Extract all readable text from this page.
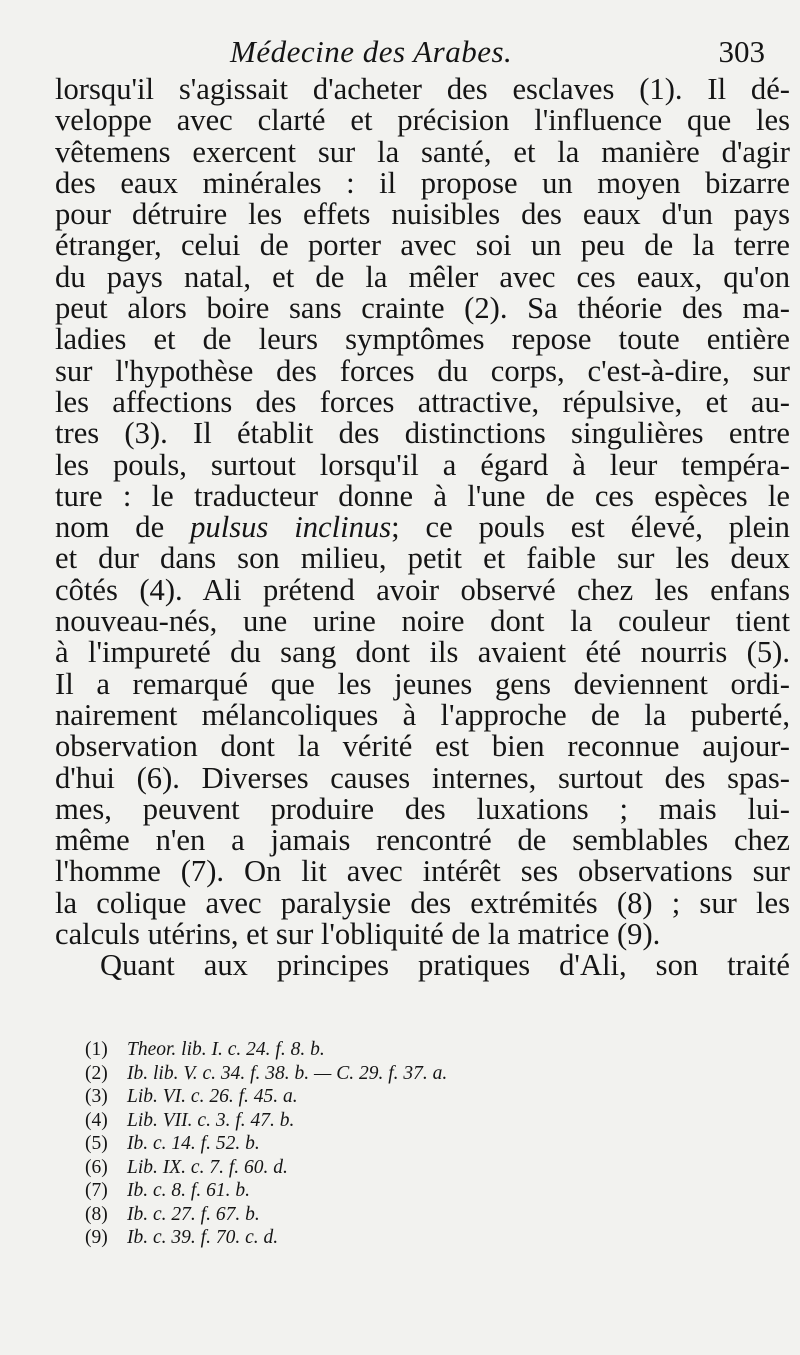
Médecine des Arabes.	303
lorsqu'il s'agissait d'acheter des esclaves (1). Il dé-
veloppe avec clarté et précision l'influence que les
vêtemens exercent sur la santé, et la manière d'agir
des eaux minérales : il propose un moyen bizarre
pour détruire les effets nuisibles des eaux d'un pays
étranger, celui de porter avec soi un peu de la terre
du pays natal, et de la mêler avec ces eaux, qu'on
peut alors boire sans crainte (2). Sa théorie des ma-
ladies et de leurs symptômes repose toute entière
sur l'hypothèse des forces du corps, c'est-à-dire, sur
les affections des forces attractive, répulsive, et au-
tres (3). Il établit des distinctions singulières entre
les pouls, surtout lorsqu'il a égard à leur tempéra-
ture : le traducteur donne à l'une de ces espèces le
nom de pulsus inclinus; ce pouls est élevé, plein
et dur dans son milieu, petit et faible sur les deux
côtés (4). Ali prétend avoir observé chez les enfans
nouveau-nés, une urine noire dont la couleur tient
à l'impureté du sang dont ils avaient été nourris (5).
Il a remarqué que les jeunes gens deviennent ordi-
nairement mélancoliques à l'approche de la puberté,
observation dont la vérité est bien reconnue aujour-
d'hui (6). Diverses causes internes, surtout des spas-
mes, peuvent produire des luxations ; mais lui-
même n'en a jamais rencontré de semblables chez
l'homme (7). On lit avec intérêt ses observations sur
la colique avec paralysie des extrémités (8) ; sur les
calculs utérins, et sur l'obliquité de la matrice (9).
Quant aux principes pratiques d'Ali, son traité
(1) Theor. lib. I. c. 24. f. 8. b.
(2) Ib. lib. V. c. 34. f. 38. b. — C. 29. f. 37. a.
(3) Lib. VI. c. 26. f. 45. a.
(4) Lib. VII. c. 3. f. 47. b.
(5) Ib. c. 14. f. 52. b.
(6) Lib. IX. c. 7. f. 60. d.
(7) Ib. c. 8. f. 61. b.
(8) Ib. c. 27. f. 67. b.
(9) Ib. c. 39. f. 70. c. d.
